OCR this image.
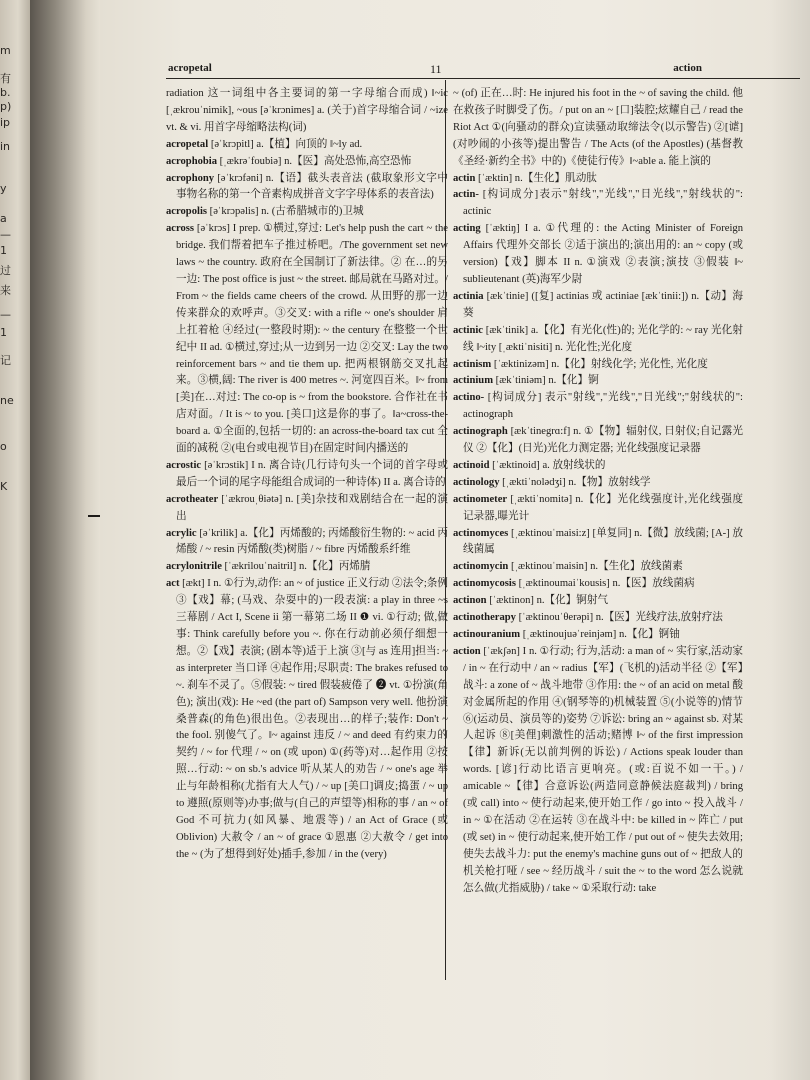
m
有
b.
p)
ip
in
y
a
—
1
过
来
—
1
记
ne
o
K
acropetal	11	action

radiation 这一词组中各主要词的第一字母缩合而成) ‖~ic [ˌækrouˈnimik], ~ous [əˈkrɔnimes] a. (关于)首字母缩合词 / ~ize vt. & vi. 用首字母缩略法构(词)

acropetal [əˈkrɔpitl] a.【植】向顶的 ‖~ly ad.

acrophobia [ˌækrəˈfoubiə] n.【医】高处恐怖,高空恐怖

acrophony [əˈkrɔfəni] n.【语】截头表音法 (截取象形文字中事物名称的第一个音素构成拼音文字字母体系的表音法)

acropolis [əˈkrɔpəlis] n. (古希腊城市的)卫城

across [əˈkrɔs] I prep. ①横过,穿过: Let's help push the cart ~ the bridge. 我们帮着把车子推过桥吧。/The government set new laws ~ the country. 政府在全国制订了新法律。② 在…的另一边: The post office is just ~ the street. 邮局就在马路对过。/ From ~ the fields came cheers of the crowd. 从田野的那一边传来群众的欢呼声。③交叉: with a rifle ~ one's shoulder 肩上扛着枪 ④经过(一整段时期): ~ the century 在整整一个世纪中 II ad. ①横过,穿过;从一边到另一边 ②交叉: Lay the two reinforcement bars ~ and tie them up. 把两根钢筋交叉扎起来。③横,阔: The river is 400 metres ~. 河宽四百米。‖~ from [美]在…对过: The co-op is ~ from the bookstore. 合作社在书店对面。/ It is ~ to you. [美口]这是你的事了。‖a~cross-the-board a. ①全面的,包括一切的: an across-the-board tax cut 全面的减税 ②(电台或电视节目)在固定时间内播送的

acrostic [əˈkrɔstik] I n. 离合诗(几行诗句头一个词的首字母或最后一个词的尾字母能组合成词的一种诗体) II a. 离合诗的

acrotheater [ˈækrouˌθiətə] n. [美]杂技和戏剧结合在一起的演出

acrylic [əˈkrilik] a.【化】丙烯酸的; 丙烯酸衍生物的: ~ acid 丙烯酸 / ~ resin 丙烯酸(类)树脂 / ~ fibre 丙烯酸系纤维

acrylonitrile [ˈækrilouˈnaitril] n.【化】丙烯腈

act [ækt] I n. ①行为,动作: an ~ of justice 正义行动 ②法令;条例 ③【戏】幕; (马戏、杂耍中的)一段表演: a play in three ~s 三幕剧 / Act I, Scene ii 第一幕第二场 II ❶ vi. ①行动; 做,做事: Think carefully before you ~. 你在行动前必须仔细想一想。②【戏】表演; (剧本等)适于上演 ③[与 as 连用]担当: ~ as interpreter 当口译 ④起作用;尽职责: The brakes refused to ~. 刹车不灵了。⑤假装: ~ tired 假装疲倦了 ❷ vt. ①扮演(角色); 演出(戏): He ~ed (the part of) Sampson very well. 他扮演桑普森(的角色)很出色。②表现出…的样子;装作: Don't ~ the fool. 别傻气了。‖~ against 违反 / ~ and deed 有约束力的契约 / ~ for 代理 / ~ on (或 upon) ①(药等)对…起作用 ②按照…行动: ~ on sb.'s advice 听从某人的劝告 / ~ one's age 举止与年龄相称(尤指有大人气) / ~ up [美口]调皮;捣蛋 / ~ up to 遵照(原则等)办事;做与(自己的声望等)相称的事 / an ~ of God 不可抗力(如风暴、地震等) / an Act of Grace (或 Oblivion) 大赦令 / an ~ of grace ①恩惠 ②大赦令 / get into the ~ (为了想得到好处)插手,参加 / in the (very)

~ (of) 正在…时: He injured his foot in the ~ of saving the child. 他在救孩子时脚受了伤。/ put on an ~ [口]装腔;炫耀自己 / read the Riot Act ①(向骚动的群众)宣读骚动取缔法令(以示警告) ②[谑](对吵闹的小孩等)提出警告 / The Acts (of the Apostles) (基督教《圣经·新约全书》中的)《使徒行传》‖~able a. 能上演的

actin [ˈæktin] n.【生化】肌动肽

actin- [构词成分]表示"射线","光线","日光线","射线状的": actinic

acting [ˈæktiŋ] I a. ①代理的: the Acting Minister of Foreign Affairs 代理外交部长 ②适于演出的;演出用的: an ~ copy (或 version)【戏】脚本 II n. ①演戏 ②表演;演技 ③假装 ‖~ sublieutenant (英)海军少尉

actinia [ækˈtinie] ([复] actinias 或 actiniae [ækˈtinii:]) n.【动】海葵

actinic [ækˈtinik] a.【化】有光化(性)的; 光化学的: ~ ray 光化射线 ‖~ity [ˌæktiˈnisiti] n. 光化性;光化度

actinism [ˈæktinizəm] n.【化】射线化学; 光化性, 光化度

actinium [ækˈtiniəm] n.【化】锕

actino- [构词成分] 表示"射线","光线","日光线";"射线状的": actinograph

actinograph [ækˈtinegrɑ:f] n. ①【物】辐射仪, 日射仪;自记露光仪 ②【化】(日光)光化力测定器; 光化线强度记录器

actinoid [ˈæktinoid] a. 放射线状的

actinology [ˌæktiˈnolədʒi] n.【物】放射线学

actinometer [ˌæktiˈnomitə] n.【化】光化线强度计,光化线强度记录器,曝光计

actinomyces [ˌæktinouˈmaisi:z] [单复同] n.【微】放线菌; [A-] 放线菌属

actinomycin [ˌæktinouˈmaisin] n.【生化】放线菌素

actinomycosis [ˌæktinoumaiˈkousis] n.【医】放线菌病

actinon [ˈæktinon] n.【化】锕射气

actinotherapy [ˈæktinouˈθerəpi] n.【医】光线疗法,放射疗法

actinouranium [ˌæktinoujuəˈreinjəm] n.【化】锕铀

action [ˈækʃən] I n. ①行动; 行为,活动: a man of ~ 实行家,活动家 / in ~ 在行动中 / an ~ radius【军】(飞机的)活动半径 ②【军】战斗: a zone of ~ 战斗地带 ③作用: the ~ of an acid on metal 酸对金属所起的作用 ④(钢琴等的)机械装置 ⑤(小说等的)情节 ⑥(运动员、演员等的)姿势 ⑦诉讼: bring an ~ against sb. 对某人起诉 ⑧[美俚]刺激性的活动;赌博 ‖~ of the first impression【律】新诉(无以前判例的诉讼) / Actions speak louder than words. [谚]行动比语言更响亮。(或:百说不如一干。) / amicable ~【律】合意诉讼(两造同意静候法庭裁判) / bring (或 call) into ~ 使行动起来,使开始工作 / go into ~ 投入战斗 / in ~ ①在活动 ②在运转 ③在战斗中: be killed in ~ 阵亡 / put (或 set) in ~ 使行动起来,使开始工作 / put out of ~ 使失去效用; 使失去战斗力: put the enemy's machine guns out of ~ 把敌人的机关枪打哑 / see ~ 经历战斗 / suit the ~ to the word 怎么说就怎么做(尤指威胁) / take ~ ①采取行动: take
